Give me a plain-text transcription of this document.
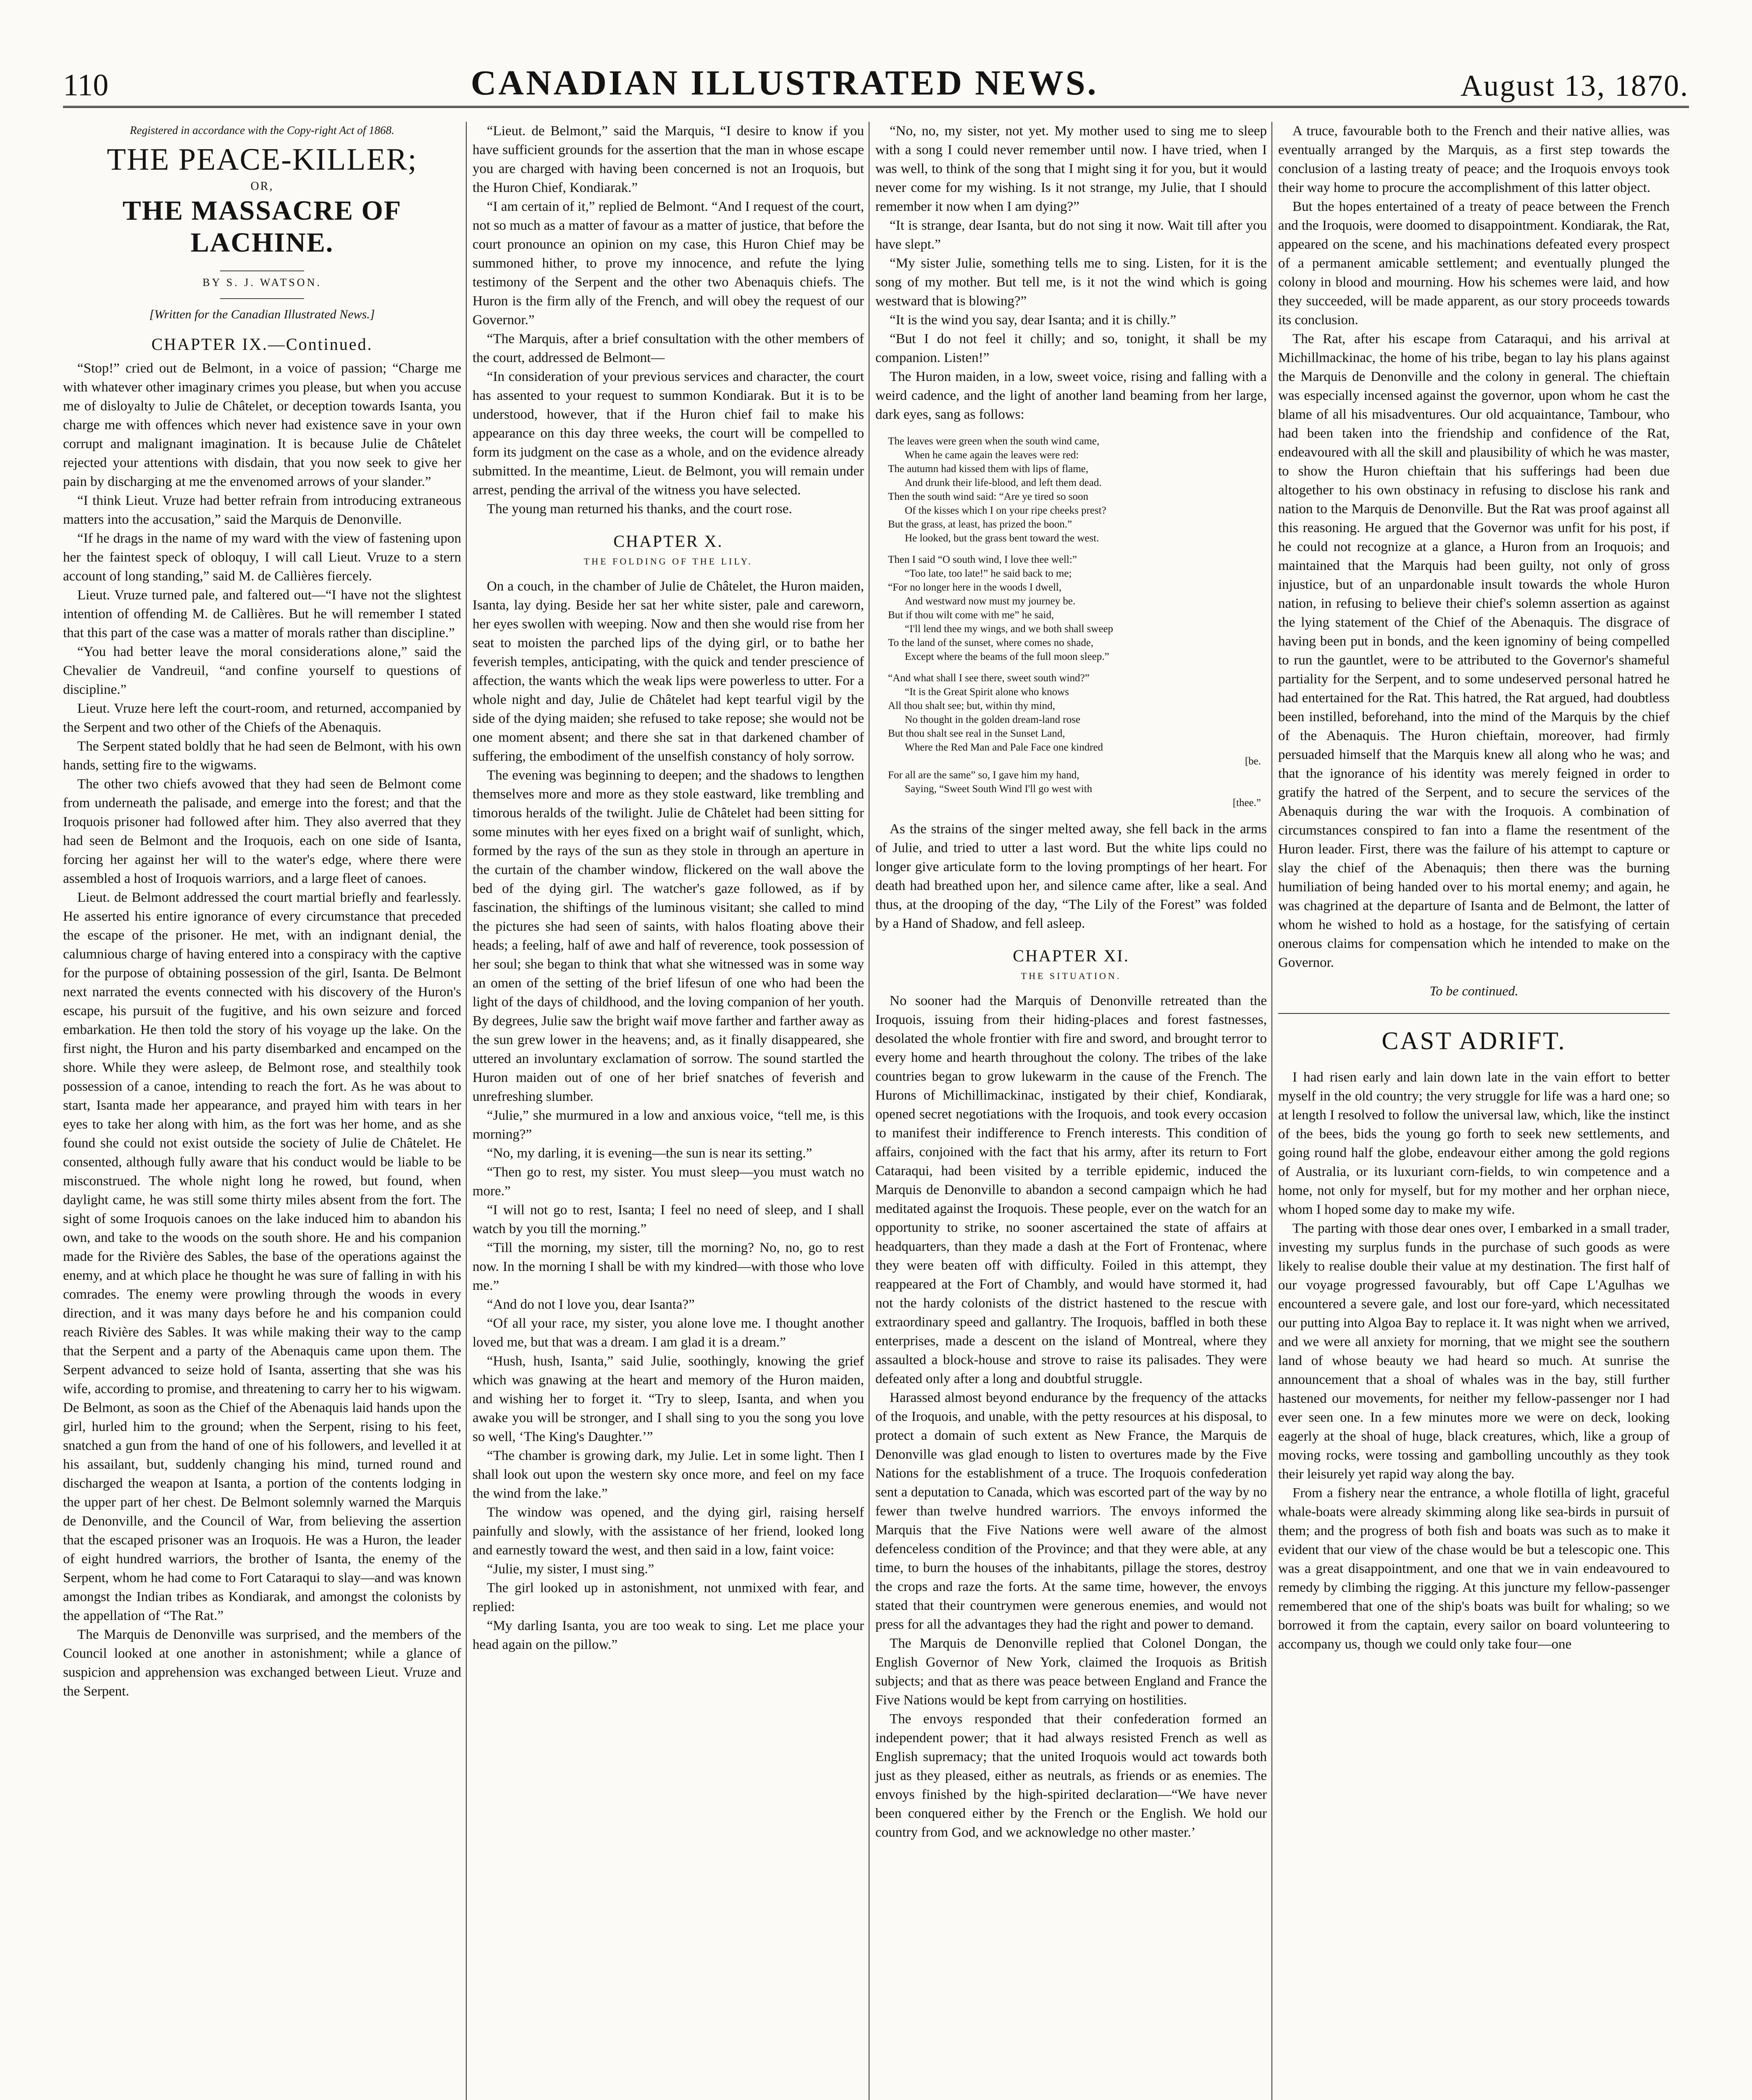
110	CANADIAN ILLUSTRATED NEWS.	August 13, 1870.
Registered in accordance with the Copy-right Act of 1868.
THE PEACE-KILLER;
OR,
THE MASSACRE OF LACHINE.
BY S. J. WATSON.
[Written for the Canadian Illustrated News.]
CHAPTER IX.—Continued.

“Stop!” cried out de Belmont, in a voice of passion; “Charge me with whatever other imaginary crimes you please, but when you accuse me of disloyalty to Julie de Châtelet, or deception towards Isanta, you charge me with offences which never had existence save in your own corrupt and malignant imagination. It is because Julie de Châtelet rejected your attentions with disdain, that you now seek to give her pain by discharging at me the envenomed arrows of your slander.”

“I think Lieut. Vruze had better refrain from introducing extraneous matters into the accusation,” said the Marquis de Denonville.

“If he drags in the name of my ward with the view of fastening upon her the faintest speck of obloquy, I will call Lieut. Vruze to a stern account of long standing,” said M. de Callières fiercely.

Lieut. Vruze turned pale, and faltered out—“I have not the slightest intention of offending M. de Callières. But he will remember I stated that this part of the case was a matter of morals rather than discipline.”

“You had better leave the moral considerations alone,” said the Chevalier de Vandreuil, “and confine yourself to questions of discipline.”

Lieut. Vruze here left the court-room, and returned, accompanied by the Serpent and two other of the Chiefs of the Abenaquis.

The Serpent stated boldly that he had seen de Belmont, with his own hands, setting fire to the wigwams.

The other two chiefs avowed that they had seen de Belmont come from underneath the palisade, and emerge into the forest; and that the Iroquois prisoner had followed after him. They also averred that they had seen de Belmont and the Iroquois, each on one side of Isanta, forcing her against her will to the water's edge, where there were assembled a host of Iroquois warriors, and a large fleet of canoes.

Lieut. de Belmont addressed the court martial briefly and fearlessly. He asserted his entire ignorance of every circumstance that preceded the escape of the prisoner. He met, with an indignant denial, the calumnious charge of having entered into a conspiracy with the captive for the purpose of obtaining possession of the girl, Isanta. De Belmont next narrated the events connected with his discovery of the Huron's escape, his pursuit of the fugitive, and his own seizure and forced embarkation. He then told the story of his voyage up the lake. On the first night, the Huron and his party disembarked and encamped on the shore. While they were asleep, de Belmont rose, and stealthily took possession of a canoe, intending to reach the fort. As he was about to start, Isanta made her appearance, and prayed him with tears in her eyes to take her along with him, as the fort was her home, and as she found she could not exist outside the society of Julie de Châtelet. He consented, although fully aware that his conduct would be liable to be misconstrued. The whole night long he rowed, but found, when daylight came, he was still some thirty miles absent from the fort. The sight of some Iroquois canoes on the lake induced him to abandon his own, and take to the woods on the south shore. He and his companion made for the Rivière des Sables, the base of the operations against the enemy, and at which place he thought he was sure of falling in with his comrades. The enemy were prowling through the woods in every direction, and it was many days before he and his companion could reach Rivière des Sables. It was while making their way to the camp that the Serpent and a party of the Abenaquis came upon them. The Serpent advanced to seize hold of Isanta, asserting that she was his wife, according to promise, and threatening to carry her to his wigwam. De Belmont, as soon as the Chief of the Abenaquis laid hands upon the girl, hurled him to the ground; when the Serpent, rising to his feet, snatched a gun from the hand of one of his followers, and levelled it at his assailant, but, suddenly changing his mind, turned round and discharged the weapon at Isanta, a portion of the contents lodging in the upper part of her chest. De Belmont solemnly warned the Marquis de Denonville, and the Council of War, from believing the assertion that the escaped prisoner was an Iroquois. He was a Huron, the leader of eight hundred warriors, the brother of Isanta, the enemy of the Serpent, whom he had come to Fort Cataraqui to slay—and was known amongst the Indian tribes as Kondiarak, and amongst the colonists by the appellation of “The Rat.”

The Marquis de Denonville was surprised, and the members of the Council looked at one another in astonishment; while a glance of suspicion and apprehension was exchanged between Lieut. Vruze and the Serpent.

“Lieut. de Belmont,” said the Marquis, “I desire to know if you have sufficient grounds for the assertion that the man in whose escape you are charged with having been concerned is not an Iroquois, but the Huron Chief, Kondiarak.”

“I am certain of it,” replied de Belmont. “And I request of the court, not so much as a matter of favour as a matter of justice, that before the court pronounce an opinion on my case, this Huron Chief may be summoned hither, to prove my innocence, and refute the lying testimony of the Serpent and the other two Abenaquis chiefs. The Huron is the firm ally of the French, and will obey the request of our Governor.”

“The Marquis, after a brief consultation with the other members of the court, addressed de Belmont—

“In consideration of your previous services and character, the court has assented to your request to summon Kondiarak. But it is to be understood, however, that if the Huron chief fail to make his appearance on this day three weeks, the court will be compelled to form its judgment on the case as a whole, and on the evidence already submitted. In the meantime, Lieut. de Belmont, you will remain under arrest, pending the arrival of the witness you have selected.

The young man returned his thanks, and the court rose.

CHAPTER X.
THE FOLDING OF THE LILY.

On a couch, in the chamber of Julie de Châtelet, the Huron maiden, Isanta, lay dying. Beside her sat her white sister, pale and careworn, her eyes swollen with weeping. Now and then she would rise from her seat to moisten the parched lips of the dying girl, or to bathe her feverish temples, anticipating, with the quick and tender prescience of affection, the wants which the weak lips were powerless to utter. For a whole night and day, Julie de Châtelet had kept tearful vigil by the side of the dying maiden; she refused to take repose; she would not be one moment absent; and there she sat in that darkened chamber of suffering, the embodiment of the unselfish constancy of holy sorrow.

The evening was beginning to deepen; and the shadows to lengthen themselves more and more as they stole eastward, like trembling and timorous heralds of the twilight. Julie de Châtelet had been sitting for some minutes with her eyes fixed on a bright waif of sunlight, which, formed by the rays of the sun as they stole in through an aperture in the curtain of the chamber window, flickered on the wall above the bed of the dying girl. The watcher's gaze followed, as if by fascination, the shiftings of the luminous visitant; she called to mind the pictures she had seen of saints, with halos floating above their heads; a feeling, half of awe and half of reverence, took possession of her soul; she began to think that what she witnessed was in some way an omen of the setting of the brief lifesun of one who had been the light of the days of childhood, and the loving companion of her youth. By degrees, Julie saw the bright waif move farther and farther away as the sun grew lower in the heavens; and, as it finally disappeared, she uttered an involuntary exclamation of sorrow. The sound startled the Huron maiden out of one of her brief snatches of feverish and unrefreshing slumber.

“Julie,” she murmured in a low and anxious voice, “tell me, is this morning?”

“No, my darling, it is evening—the sun is near its setting.”

“Then go to rest, my sister. You must sleep—you must watch no more.”

“I will not go to rest, Isanta; I feel no need of sleep, and I shall watch by you till the morning.”

“Till the morning, my sister, till the morning? No, no, go to rest now. In the morning I shall be with my kindred—with those who love me.”

“And do not I love you, dear Isanta?”

“Of all your race, my sister, you alone love me. I thought another loved me, but that was a dream. I am glad it is a dream.”

“Hush, hush, Isanta,” said Julie, soothingly, knowing the grief which was gnawing at the heart and memory of the Huron maiden, and wishing her to forget it. “Try to sleep, Isanta, and when you awake you will be stronger, and I shall sing to you the song you love so well, ‘The King's Daughter.’”

“The chamber is growing dark, my Julie. Let in some light. Then I shall look out upon the western sky once more, and feel on my face the wind from the lake.”

The window was opened, and the dying girl, raising herself painfully and slowly, with the assistance of her friend, looked long and earnestly toward the west, and then said in a low, faint voice:

“Julie, my sister, I must sing.”

The girl looked up in astonishment, not unmixed with fear, and replied:

“My darling Isanta, you are too weak to sing. Let me place your head again on the pillow.”

“No, no, my sister, not yet. My mother used to sing me to sleep with a song I could never remember until now. I have tried, when I was well, to think of the song that I might sing it for you, but it would never come for my wishing. Is it not strange, my Julie, that I should remember it now when I am dying?”

“It is strange, dear Isanta, but do not sing it now. Wait till after you have slept.”

“My sister Julie, something tells me to sing. Listen, for it is the song of my mother. But tell me, is it not the wind which is going westward that is blowing?”

“It is the wind you say, dear Isanta; and it is chilly.”

“But I do not feel it chilly; and so, tonight, it shall be my companion. Listen!”

The Huron maiden, in a low, sweet voice, rising and falling with a weird cadence, and the light of another land beaming from her large, dark eyes, sang as follows:

The leaves were green when the south wind came,

When he came again the leaves were red:

The autumn had kissed them with lips of flame,

And drunk their life-blood, and left them dead.

Then the south wind said: “Are ye tired so soon

Of the kisses which I on your ripe cheeks prest?

But the grass, at least, has prized the boon.”

He looked, but the grass bent toward the west.

Then I said “O south wind, I love thee well:”

“Too late, too late!” he said back to me;

“For no longer here in the woods I dwell,

And westward now must my journey be.

But if thou wilt come with me” he said,

“I'll lend thee my wings, and we both shall sweep

To the land of the sunset, where comes no shade,

Except where the beams of the full moon sleep.”

“And what shall I see there, sweet south wind?”

“It is the Great Spirit alone who knows

All thou shalt see; but, within thy mind,

No thought in the golden dream-land rose

But thou shalt see real in the Sunset Land,

Where the Red Man and Pale Face one kindred

[be.

For all are the same” so, I gave him my hand,

Saying, “Sweet South Wind I'll go west with

[thee.”

As the strains of the singer melted away, she fell back in the arms of Julie, and tried to utter a last word. But the white lips could no longer give articulate form to the loving promptings of her heart. For death had breathed upon her, and silence came after, like a seal. And thus, at the drooping of the day, “The Lily of the Forest” was folded by a Hand of Shadow, and fell asleep.

CHAPTER XI.
THE SITUATION.

No sooner had the Marquis of Denonville retreated than the Iroquois, issuing from their hiding-places and forest fastnesses, desolated the whole frontier with fire and sword, and brought terror to every home and hearth throughout the colony. The tribes of the lake countries began to grow lukewarm in the cause of the French. The Hurons of Michillimackinac, instigated by their chief, Kondiarak, opened secret negotiations with the Iroquois, and took every occasion to manifest their indifference to French interests. This condition of affairs, conjoined with the fact that his army, after its return to Fort Cataraqui, had been visited by a terrible epidemic, induced the Marquis de Denonville to abandon a second campaign which he had meditated against the Iroquois. These people, ever on the watch for an opportunity to strike, no sooner ascertained the state of affairs at headquarters, than they made a dash at the Fort of Frontenac, where they were beaten off with difficulty. Foiled in this attempt, they reappeared at the Fort of Chambly, and would have stormed it, had not the hardy colonists of the district hastened to the rescue with extraordinary speed and gallantry. The Iroquois, baffled in both these enterprises, made a descent on the island of Montreal, where they assaulted a block-house and strove to raise its palisades. They were defeated only after a long and doubtful struggle.

Harassed almost beyond endurance by the frequency of the attacks of the Iroquois, and unable, with the petty resources at his disposal, to protect a domain of such extent as New France, the Marquis de Denonville was glad enough to listen to overtures made by the Five Nations for the establishment of a truce. The Iroquois confederation sent a deputation to Canada, which was escorted part of the way by no fewer than twelve hundred warriors. The envoys informed the Marquis that the Five Nations were well aware of the almost defenceless condition of the Province; and that they were able, at any time, to burn the houses of the inhabitants, pillage the stores, destroy the crops and raze the forts. At the same time, however, the envoys stated that their countrymen were generous enemies, and would not press for all the advantages they had the right and power to demand.

The Marquis de Denonville replied that Colonel Dongan, the English Governor of New York, claimed the Iroquois as British subjects; and that as there was peace between England and France the Five Nations would be kept from carrying on hostilities.

The envoys responded that their confederation formed an independent power; that it had always resisted French as well as English supremacy; that the united Iroquois would act towards both just as they pleased, either as neutrals, as friends or as enemies. The envoys finished by the high-spirited declaration—“We have never been conquered either by the French or the English. We hold our country from God, and we acknowledge no other master.’

A truce, favourable both to the French and their native allies, was eventually arranged by the Marquis, as a first step towards the conclusion of a lasting treaty of peace; and the Iroquois envoys took their way home to procure the accomplishment of this latter object.

But the hopes entertained of a treaty of peace between the French and the Iroquois, were doomed to disappointment. Kondiarak, the Rat, appeared on the scene, and his machinations defeated every prospect of a permanent amicable settlement; and eventually plunged the colony in blood and mourning. How his schemes were laid, and how they succeeded, will be made apparent, as our story proceeds towards its conclusion.

The Rat, after his escape from Cataraqui, and his arrival at Michillmackinac, the home of his tribe, began to lay his plans against the Marquis de Denonville and the colony in general. The chieftain was especially incensed against the governor, upon whom he cast the blame of all his misadventures. Our old acquaintance, Tambour, who had been taken into the friendship and confidence of the Rat, endeavoured with all the skill and plausibility of which he was master, to show the Huron chieftain that his sufferings had been due altogether to his own obstinacy in refusing to disclose his rank and nation to the Marquis de Denonville. But the Rat was proof against all this reasoning. He argued that the Governor was unfit for his post, if he could not recognize at a glance, a Huron from an Iroquois; and maintained that the Marquis had been guilty, not only of gross injustice, but of an unpardonable insult towards the whole Huron nation, in refusing to believe their chief's solemn assertion as against the lying statement of the Chief of the Abenaquis. The disgrace of having been put in bonds, and the keen ignominy of being compelled to run the gauntlet, were to be attributed to the Governor's shameful partiality for the Serpent, and to some undeserved personal hatred he had entertained for the Rat. This hatred, the Rat argued, had doubtless been instilled, beforehand, into the mind of the Marquis by the chief of the Abenaquis. The Huron chieftain, moreover, had firmly persuaded himself that the Marquis knew all along who he was; and that the ignorance of his identity was merely feigned in order to gratify the hatred of the Serpent, and to secure the services of the Abenaquis during the war with the Iroquois. A combination of circumstances conspired to fan into a flame the resentment of the Huron leader. First, there was the failure of his attempt to capture or slay the chief of the Abenaquis; then there was the burning humiliation of being handed over to his mortal enemy; and again, he was chagrined at the departure of Isanta and de Belmont, the latter of whom he wished to hold as a hostage, for the satisfying of certain onerous claims for compensation which he intended to make on the Governor.

To be continued.
CAST ADRIFT.

I had risen early and lain down late in the vain effort to better myself in the old country; the very struggle for life was a hard one; so at length I resolved to follow the universal law, which, like the instinct of the bees, bids the young go forth to seek new settlements, and going round half the globe, endeavour either among the gold regions of Australia, or its luxuriant corn-fields, to win competence and a home, not only for myself, but for my mother and her orphan niece, whom I hoped some day to make my wife.

The parting with those dear ones over, I embarked in a small trader, investing my surplus funds in the purchase of such goods as were likely to realise double their value at my destination. The first half of our voyage progressed favourably, but off Cape L'Agulhas we encountered a severe gale, and lost our fore-yard, which necessitated our putting into Algoa Bay to replace it. It was night when we arrived, and we were all anxiety for morning, that we might see the southern land of whose beauty we had heard so much. At sunrise the announcement that a shoal of whales was in the bay, still further hastened our movements, for neither my fellow-passenger nor I had ever seen one. In a few minutes more we were on deck, looking eagerly at the shoal of huge, black creatures, which, like a group of moving rocks, were tossing and gambolling uncouthly as they took their leisurely yet rapid way along the bay.

From a fishery near the entrance, a whole flotilla of light, graceful whale-boats were already skimming along like sea-birds in pursuit of them; and the progress of both fish and boats was such as to make it evident that our view of the chase would be but a telescopic one. This was a great disappointment, and one that we in vain endeavoured to remedy by climbing the rigging. At this juncture my fellow-passenger remembered that one of the ship's boats was built for whaling; so we borrowed it from the captain, every sailor on board volunteering to accompany us, though we could only take four—one
